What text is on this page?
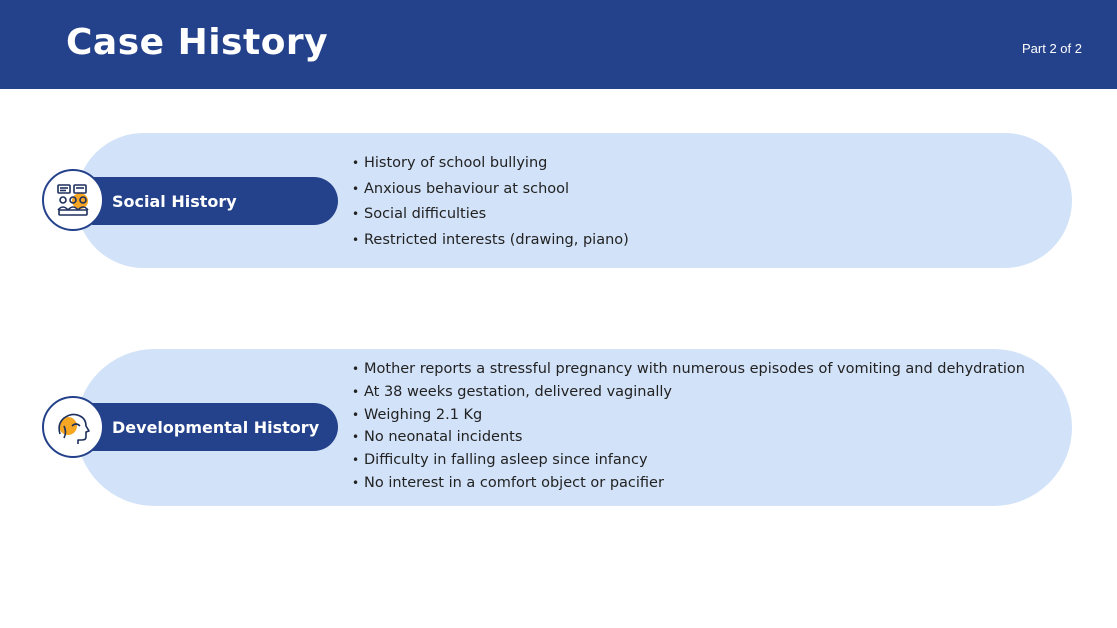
Case History	Part 2 of 2
Social History
• History of school bullying
• Anxious behaviour at school
• Social difficulties
• Restricted interests (drawing, piano)
Developmental History
• Mother reports a stressful pregnancy with numerous episodes of vomiting and dehydration
• At 38 weeks gestation, delivered vaginally
• Weighing 2.1 Kg
• No neonatal incidents
• Difficulty in falling asleep since infancy
• No interest in a comfort object or pacifier
